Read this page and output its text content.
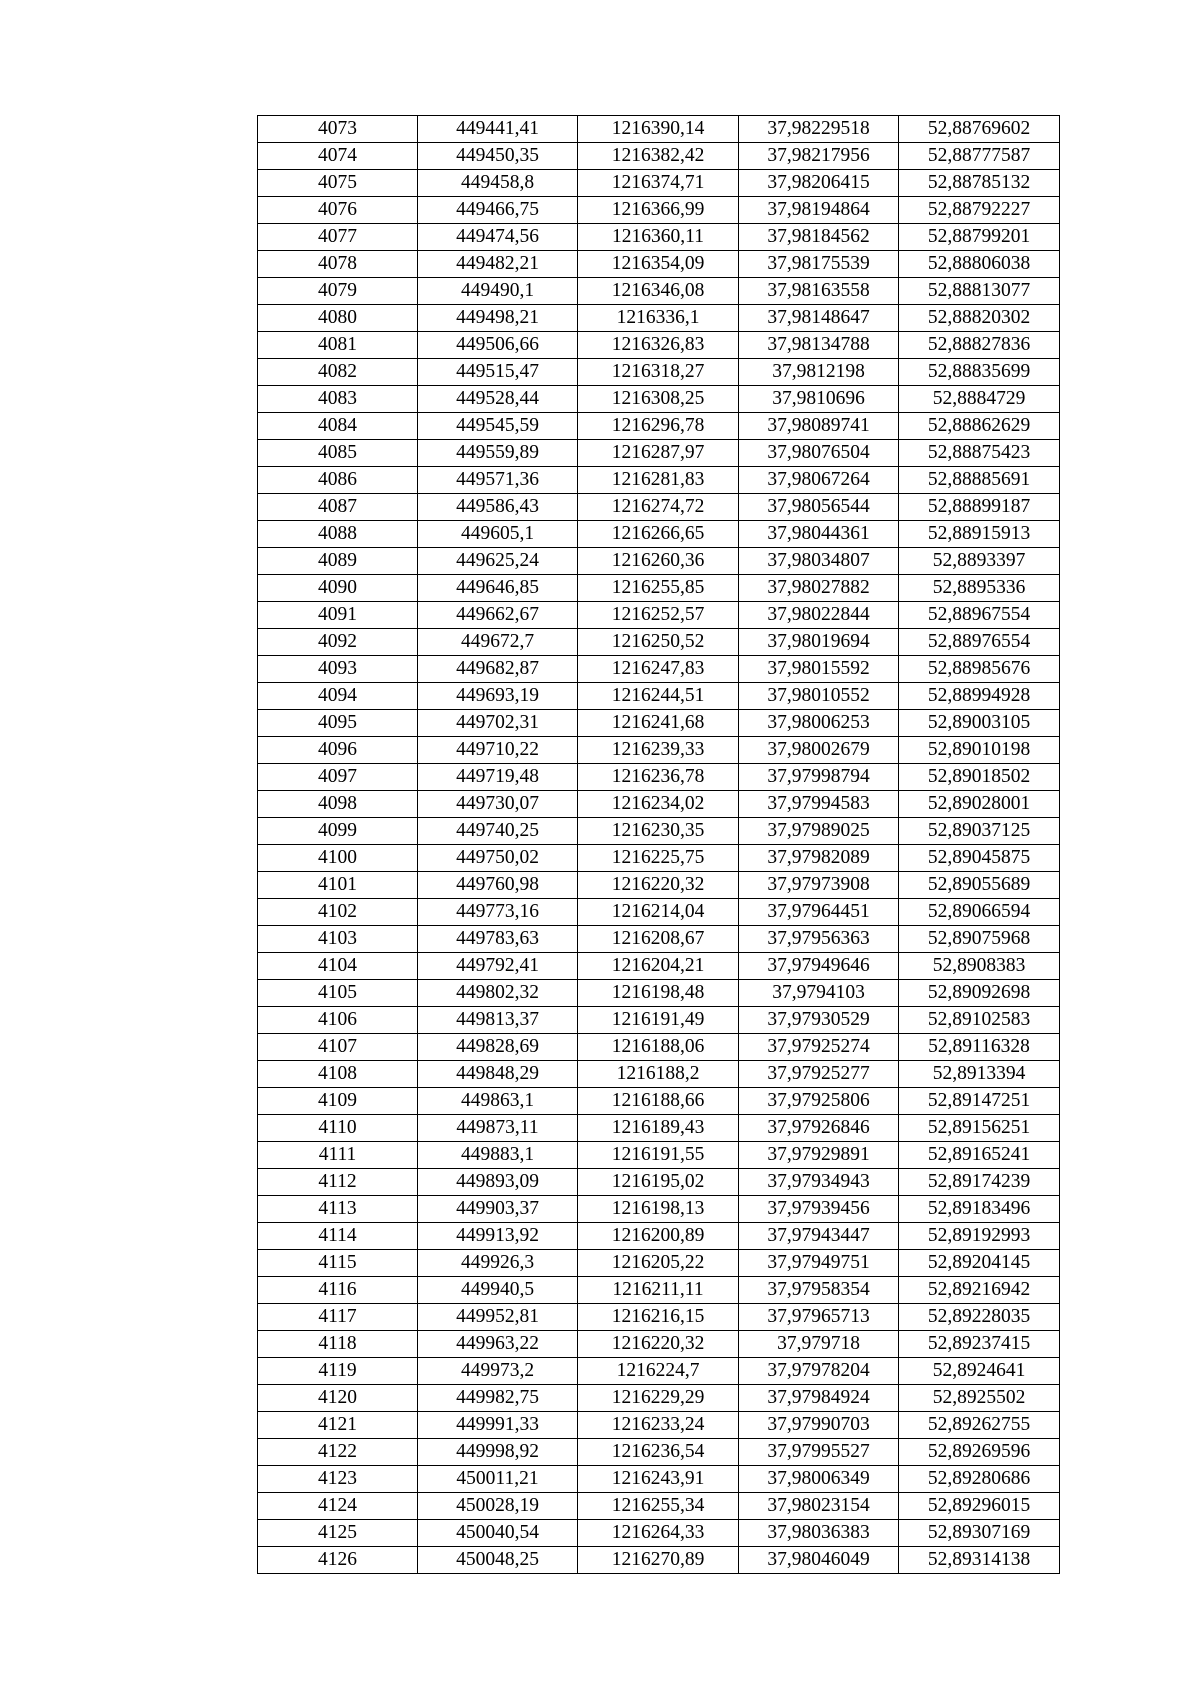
4073	449441,41	1216390,14	37,98229518	52,88769602
4074	449450,35	1216382,42	37,98217956	52,88777587
4075	449458,8	1216374,71	37,98206415	52,88785132
4076	449466,75	1216366,99	37,98194864	52,88792227
4077	449474,56	1216360,11	37,98184562	52,88799201
4078	449482,21	1216354,09	37,98175539	52,88806038
4079	449490,1	1216346,08	37,98163558	52,88813077
4080	449498,21	1216336,1	37,98148647	52,88820302
4081	449506,66	1216326,83	37,98134788	52,88827836
4082	449515,47	1216318,27	37,9812198	52,88835699
4083	449528,44	1216308,25	37,9810696	52,8884729
4084	449545,59	1216296,78	37,98089741	52,88862629
4085	449559,89	1216287,97	37,98076504	52,88875423
4086	449571,36	1216281,83	37,98067264	52,88885691
4087	449586,43	1216274,72	37,98056544	52,88899187
4088	449605,1	1216266,65	37,98044361	52,88915913
4089	449625,24	1216260,36	37,98034807	52,8893397
4090	449646,85	1216255,85	37,98027882	52,8895336
4091	449662,67	1216252,57	37,98022844	52,88967554
4092	449672,7	1216250,52	37,98019694	52,88976554
4093	449682,87	1216247,83	37,98015592	52,88985676
4094	449693,19	1216244,51	37,98010552	52,88994928
4095	449702,31	1216241,68	37,98006253	52,89003105
4096	449710,22	1216239,33	37,98002679	52,89010198
4097	449719,48	1216236,78	37,97998794	52,89018502
4098	449730,07	1216234,02	37,97994583	52,89028001
4099	449740,25	1216230,35	37,97989025	52,89037125
4100	449750,02	1216225,75	37,97982089	52,89045875
4101	449760,98	1216220,32	37,97973908	52,89055689
4102	449773,16	1216214,04	37,97964451	52,89066594
4103	449783,63	1216208,67	37,97956363	52,89075968
4104	449792,41	1216204,21	37,97949646	52,8908383
4105	449802,32	1216198,48	37,9794103	52,89092698
4106	449813,37	1216191,49	37,97930529	52,89102583
4107	449828,69	1216188,06	37,97925274	52,89116328
4108	449848,29	1216188,2	37,97925277	52,8913394
4109	449863,1	1216188,66	37,97925806	52,89147251
4110	449873,11	1216189,43	37,97926846	52,89156251
4111	449883,1	1216191,55	37,97929891	52,89165241
4112	449893,09	1216195,02	37,97934943	52,89174239
4113	449903,37	1216198,13	37,97939456	52,89183496
4114	449913,92	1216200,89	37,97943447	52,89192993
4115	449926,3	1216205,22	37,97949751	52,89204145
4116	449940,5	1216211,11	37,97958354	52,89216942
4117	449952,81	1216216,15	37,97965713	52,89228035
4118	449963,22	1216220,32	37,979718	52,89237415
4119	449973,2	1216224,7	37,97978204	52,8924641
4120	449982,75	1216229,29	37,97984924	52,8925502
4121	449991,33	1216233,24	37,97990703	52,89262755
4122	449998,92	1216236,54	37,97995527	52,89269596
4123	450011,21	1216243,91	37,98006349	52,89280686
4124	450028,19	1216255,34	37,98023154	52,89296015
4125	450040,54	1216264,33	37,98036383	52,89307169
4126	450048,25	1216270,89	37,98046049	52,89314138
